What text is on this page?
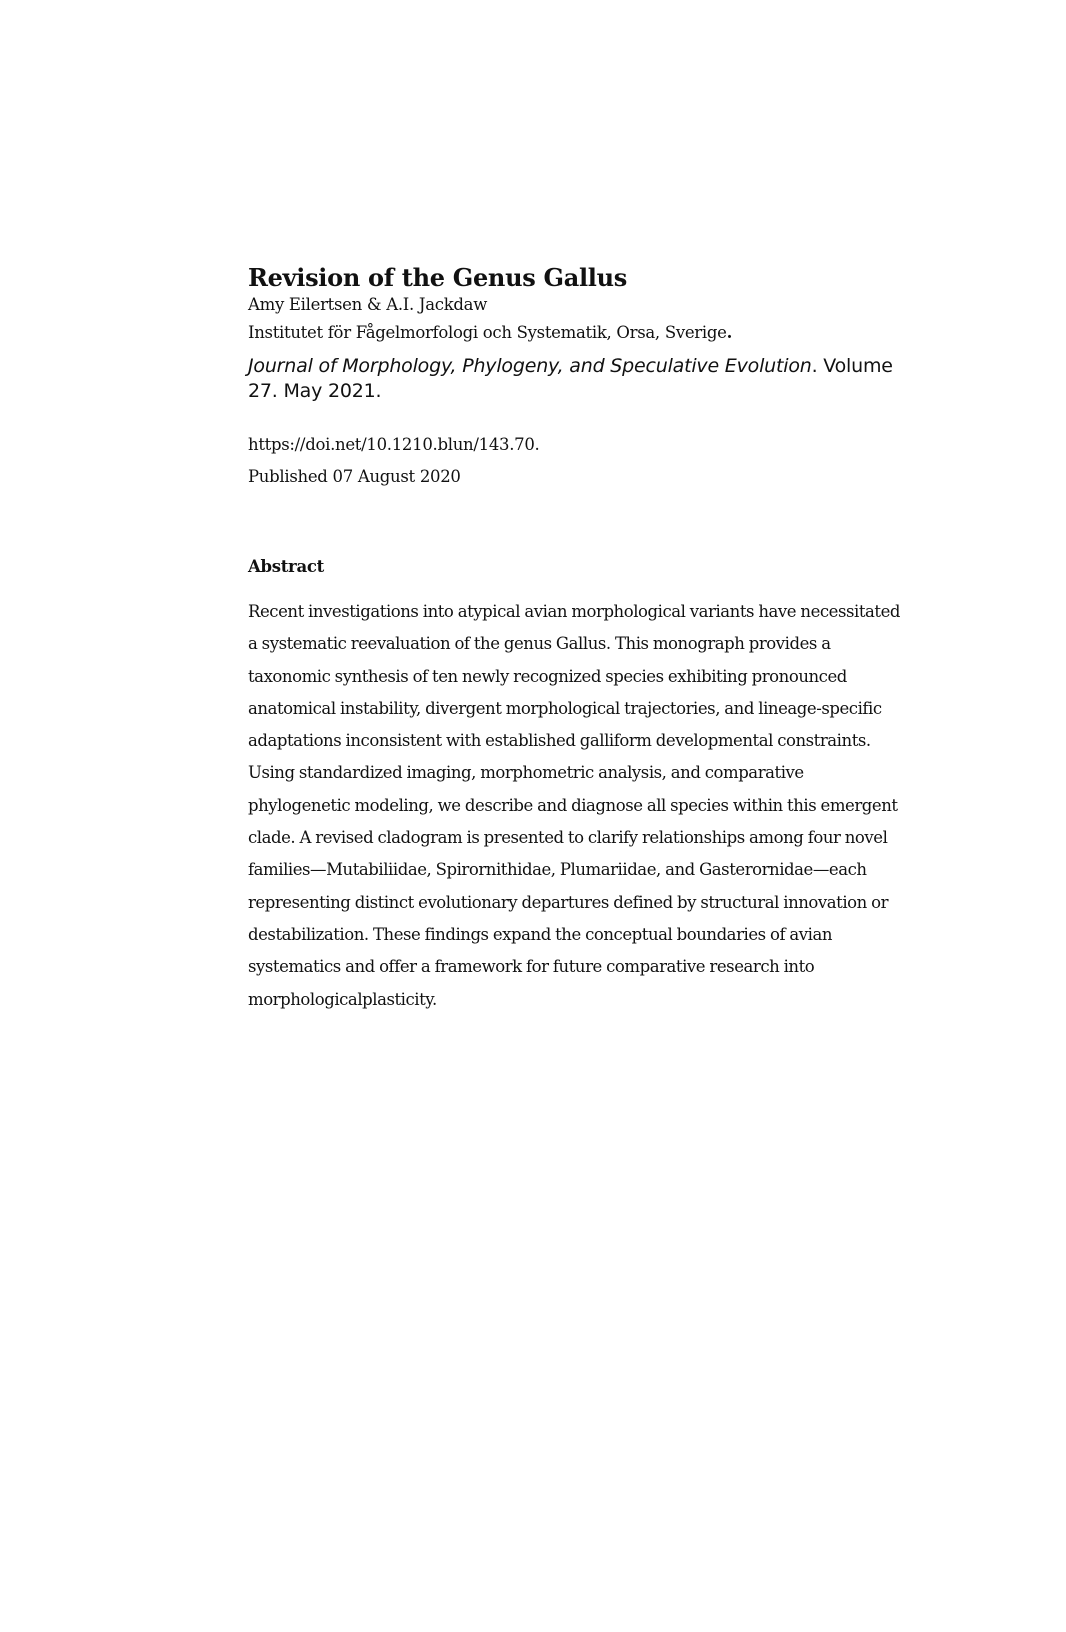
Revision of the Genus Gallus

Amy Eilertsen & A.I. Jackdaw

Institutet för Fågelmorfologi och Systematik, Orsa, Sverige.

Journal of Morphology, Phylogeny, and Speculative Evolution. Volume 27. May 2021.

https://doi.net/10.1210.blun/143.70.

Published 07 August 2020

Abstract

Recent investigations into atypical avian morphological variants have necessitated a systematic reevaluation of the genus Gallus. This monograph provides a taxonomic synthesis of ten newly recognized species exhibiting pronounced anatomical instability, divergent morphological trajectories, and lineage-specific adaptations inconsistent with established galliform developmental constraints. Using standardized imaging, morphometric analysis, and comparative phylogenetic modeling, we describe and diagnose all species within this emergent clade. A revised cladogram is presented to clarify relationships among four novel families—Mutabiliidae, Spirornithidae, Plumariidae, and Gasterornidae—each representing distinct evolutionary departures defined by structural innovation or destabilization. These findings expand the conceptual boundaries of avian systematics and offer a framework for future comparative research into morphologicalplasticity.
